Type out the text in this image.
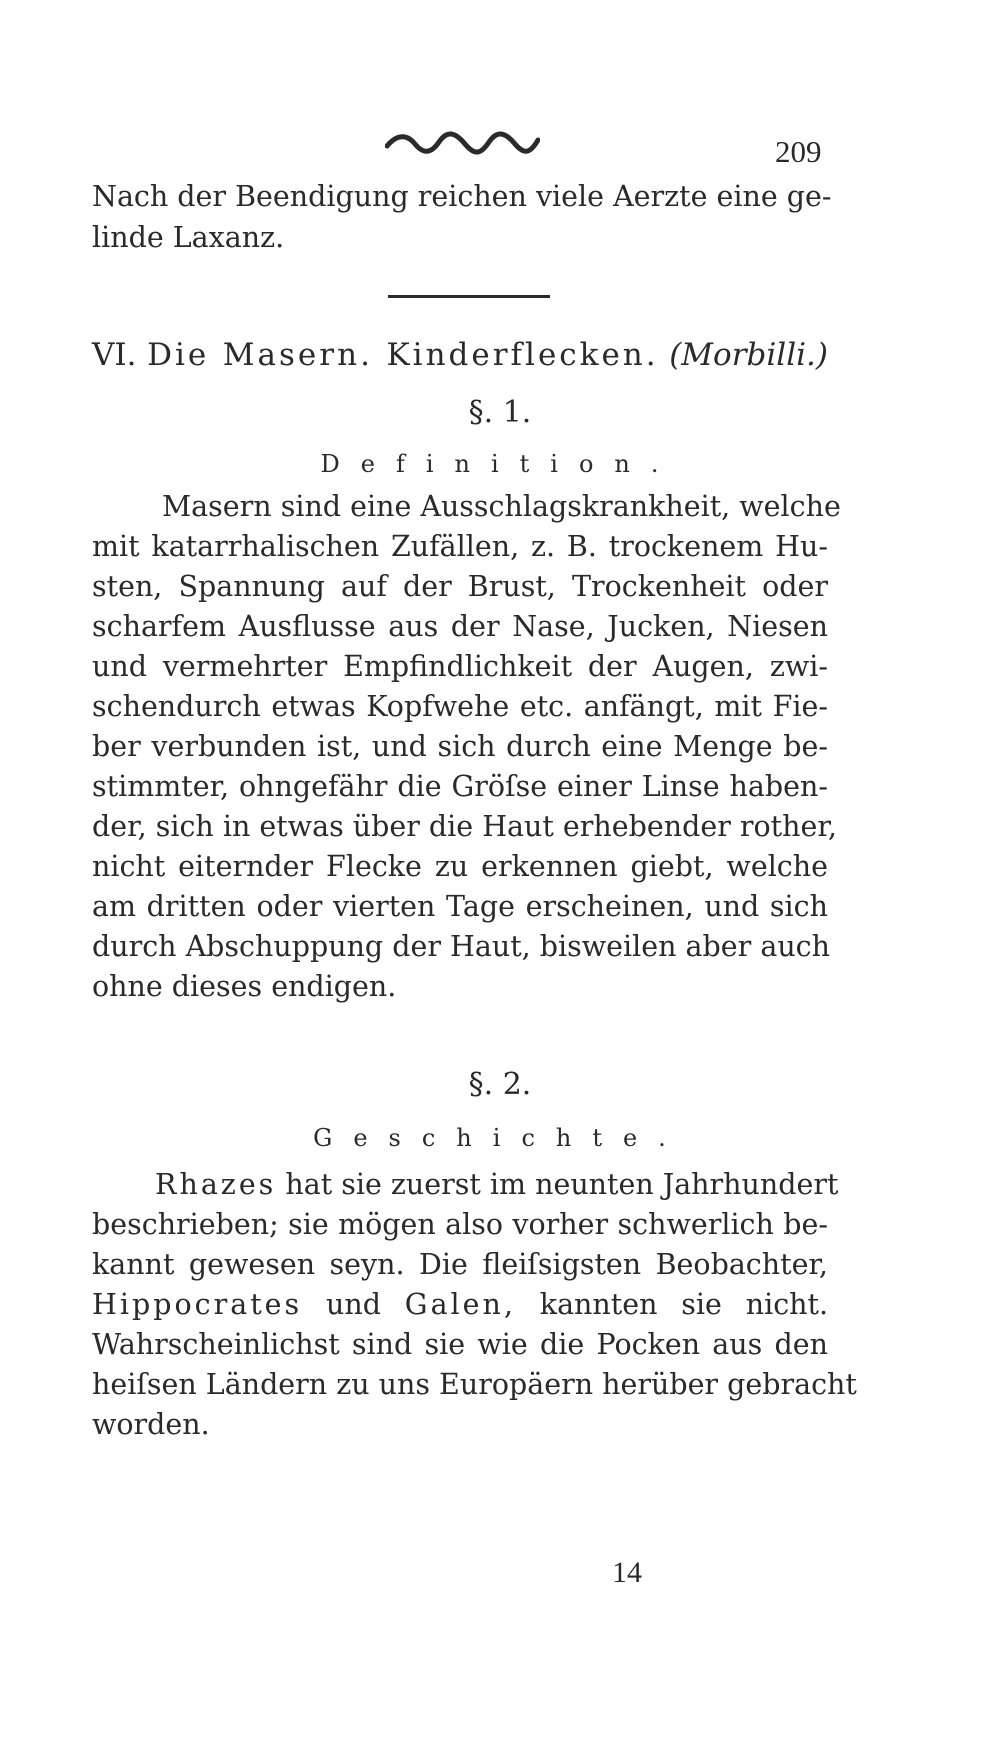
209
Nach der Beendigung reichen viele Aerzte eine ge-
linde Laxanz.
VI. Die Masern. Kinderflecken. (Morbilli.)
§. 1.
Definition.
Masern sind eine Ausschlagskrankheit, welche
mit katarrhalischen Zufällen, z. B. trockenem Hu-
sten, Spannung auf der Brust, Trockenheit oder
scharfem Ausflusse aus der Nase, Jucken, Niesen
und vermehrter Empfindlichkeit der Augen, zwi-
schendurch etwas Kopfwehe etc. anfängt, mit Fie-
ber verbunden ist, und sich durch eine Menge be-
stimmter, ohngefähr die Gröſse einer Linse haben-
der, sich in etwas über die Haut erhebender rother,
nicht eiternder Flecke zu erkennen giebt, welche
am dritten oder vierten Tage erscheinen, und sich
durch Abschuppung der Haut, bisweilen aber auch
ohne dieses endigen.
§. 2.
Geschichte.
Rhazes hat sie zuerst im neunten Jahrhundert
beschrieben; sie mögen also vorher schwerlich be-
kannt gewesen seyn. Die fleiſsigsten Beobachter,
Hippocrates und Galen, kannten sie nicht.
Wahrscheinlichst sind sie wie die Pocken aus den
heiſsen Ländern zu uns Europäern herüber gebracht
worden.
14
